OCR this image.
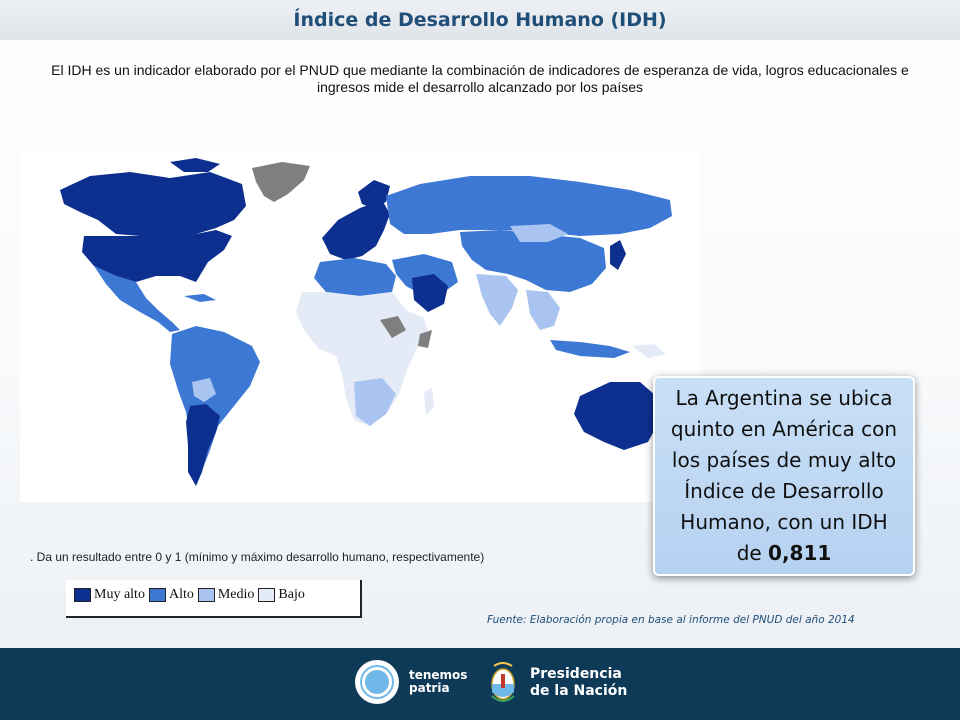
Índice de Desarrollo Humano (IDH)
El IDH es un indicador elaborado por el PNUD que mediante la combinación de indicadores de esperanza de vida, logros educacionales e ingresos mide el desarrollo alcanzado por los países
La Argentina se ubica quinto en América con los países de muy alto Índice de Desarrollo Humano, con un IDH de 0,811
. Da un resultado entre 0 y 1 (mínimo y máximo desarrollo humano, respectivamente)
Muy alto Alto Medio Bajo
Fuente: Elaboración propia en base al informe del PNUD del año 2014
tenemos
patria
Presidencia
de la Nación
